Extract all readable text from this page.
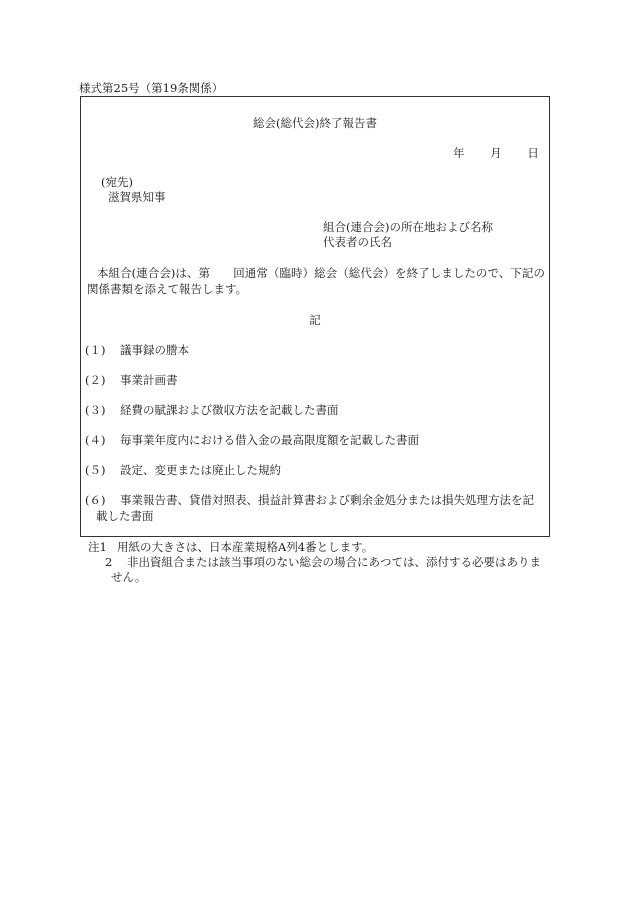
様式第25号（第19条関係）
総会(総代会)終了報告書
年 月 日
(宛先)
滋賀県知事
組合(連合会)の所在地および名称
代表者の氏名
本組合(連合会)は、第　　回通常（臨時）総会（総代会）を終了しましたので、下記の関係書類を添えて報告します。
記
(１) 議事録の謄本
(２) 事業計画書
(３) 経費の賦課および徴収方法を記載した書面
(４) 毎事業年度内における借入金の最高限度額を記載した書面
(５) 設定、変更または廃止した規約
(６) 事業報告書、貸借対照表、損益計算書および剰余金処分または損失処理方法を記
載した書面
注1 用紙の大きさは、日本産業規格A列4番とします。
2 非出資組合または該当事項のない総会の場合にあつては、添付する必要はありま
せん。
